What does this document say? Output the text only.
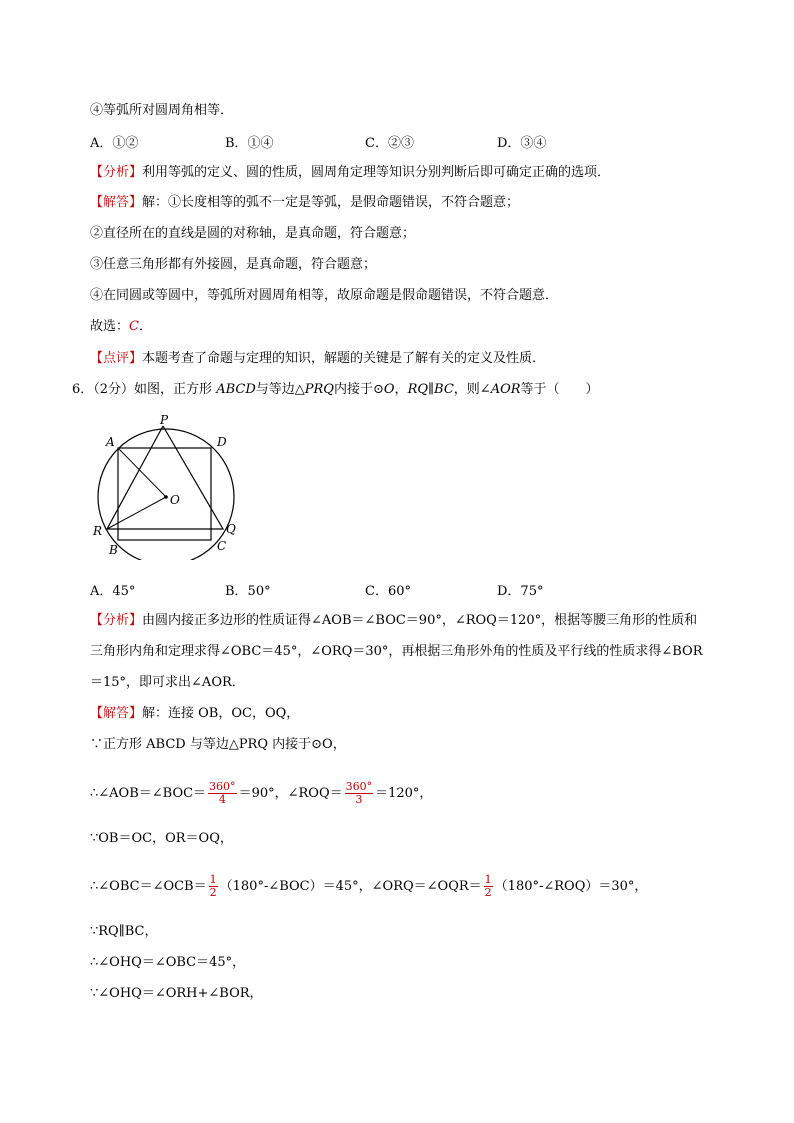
④等弧所对圆周角相等．
A．①②	B．①④	C．②③	D．③④
【分析】利用等弧的定义、圆的性质，圆周角定理等知识分别判断后即可确定正确的选项．
【解答】解：①长度相等的弧不一定是等弧，是假命题错误，不符合题意；
②直径所在的直线是圆的对称轴，是真命题，符合题意；
③任意三角形都有外接圆，是真命题，符合题意；
④在同圆或等圆中，等弧所对圆周角相等，故原命题是假命题错误，不符合题意．
故选：C．
【点评】本题考查了命题与定理的知识，解题的关键是了解有关的定义及性质．
6．（2分）如图，正方形 ABCD与等边△PRQ内接于⊙O，RQ∥BC，则∠AOR等于（　　）
P
A	D
O
R	Q
B	C
A．45°	B．50°	C．60°	D．75°
【分析】由圆内接正多边形的性质证得∠AOB＝∠BOC＝90°，∠ROQ＝120°，根据等腰三角形的性质和
三角形内角和定理求得∠OBC＝45°，∠ORQ＝30°，再根据三角形外角的性质及平行线的性质求得∠BOR
＝15°，即可求出∠AOR．
【解答】解：连接 OB，OC，OQ，
∵正方形 ABCD 与等边△PRQ 内接于⊙O，
∴∠AOB＝∠BOC＝ $\frac{360^\circ}{4} =90^\circ$，∠ROQ＝ $\frac{360^\circ}{3} =120^\circ$，
∵OB＝OC，OR＝OQ，
∴∠OBC＝∠OCB＝ $\frac{1}{2}$ （180°-∠BOC）＝45°，∠ORQ＝∠OQR＝ $\frac{1}{2}$ （180°-∠ROQ）＝30°，
∵RQ∥BC，
∴∠OHQ＝∠OBC＝45°，
∵∠OHQ＝∠ORH+∠BOR，
